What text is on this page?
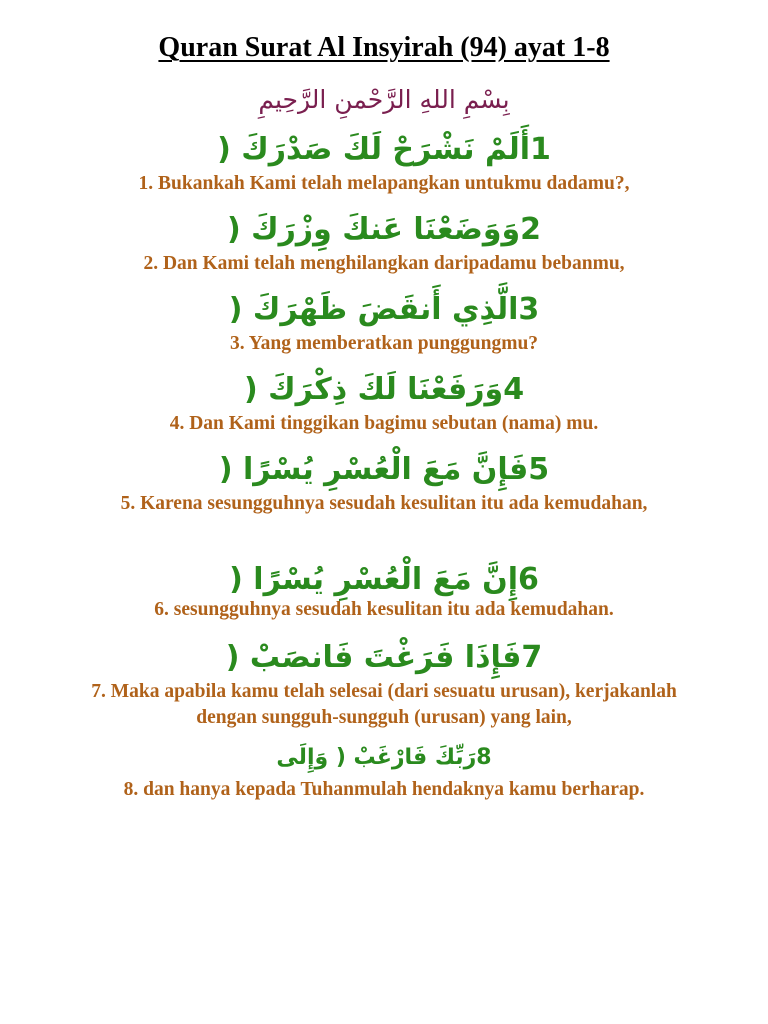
Quran Surat Al Insyirah (94) ayat 1-8
بِسْمِ اللهِ الرَّحْمنِ الرَّحِيمِ
1أَلَمْ نَشْرَحْ لَكَ صَدْرَكَ (
1. Bukankah Kami telah melapangkan untukmu dadamu?,
2وَوَضَعْنَا عَنكَ وِزْرَكَ (
2. Dan Kami telah menghilangkan daripadamu bebanmu,
3الَّذِي أَنقَضَ ظَهْرَكَ (
3. Yang memberatkan punggungmu?
4وَرَفَعْنَا لَكَ ذِكْرَكَ (
4. Dan Kami tinggikan bagimu sebutan (nama) mu.
5فَإِنَّ مَعَ الْعُسْرِ يُسْرًا (
5. Karena sesungguhnya sesudah kesulitan itu ada kemudahan,
6إِنَّ مَعَ الْعُسْرِ يُسْرًا (
6. sesungguhnya sesudah kesulitan itu ada kemudahan.
7فَإِذَا فَرَغْتَ فَانصَبْ (
7. Maka apabila kamu telah selesai (dari sesuatu urusan), kerjakanlah dengan sungguh-sungguh (urusan) yang lain,
8رَبِّكَ فَارْغَبْ ( وَإِلَى
8. dan hanya kepada Tuhanmulah hendaknya kamu berharap.
